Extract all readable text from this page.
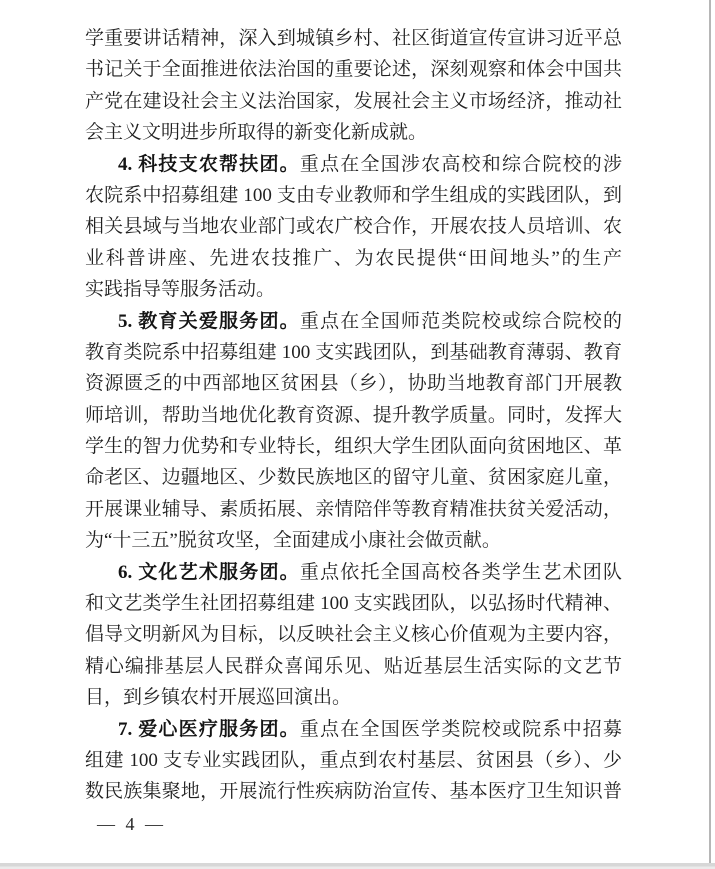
学重要讲话精神，深入到城镇乡村、社区街道宣传宣讲习近平总
书记关于全面推进依法治国的重要论述，深刻观察和体会中国共
产党在建设社会主义法治国家，发展社会主义市场经济，推动社
会主义文明进步所取得的新变化新成就。
4. 科技支农帮扶团。重点在全国涉农高校和综合院校的涉
农院系中招募组建 100 支由专业教师和学生组成的实践团队，到
相关县域与当地农业部门或农广校合作，开展农技人员培训、农
业科普讲座、先进农技推广、为农民提供“田间地头”的生产
实践指导等服务活动。
5. 教育关爱服务团。重点在全国师范类院校或综合院校的
教育类院系中招募组建 100 支实践团队，到基础教育薄弱、教育
资源匮乏的中西部地区贫困县（乡），协助当地教育部门开展教
师培训，帮助当地优化教育资源、提升教学质量。同时，发挥大
学生的智力优势和专业特长，组织大学生团队面向贫困地区、革
命老区、边疆地区、少数民族地区的留守儿童、贫困家庭儿童，
开展课业辅导、素质拓展、亲情陪伴等教育精准扶贫关爱活动，
为“十三五”脱贫攻坚，全面建成小康社会做贡献。
6. 文化艺术服务团。重点依托全国高校各类学生艺术团队
和文艺类学生社团招募组建 100 支实践团队，以弘扬时代精神、
倡导文明新风为目标，以反映社会主义核心价值观为主要内容，
精心编排基层人民群众喜闻乐见、贴近基层生活实际的文艺节
目，到乡镇农村开展巡回演出。
7. 爱心医疗服务团。重点在全国医学类院校或院系中招募
组建 100 支专业实践团队，重点到农村基层、贫困县（乡）、少
数民族集聚地，开展流行性疾病防治宣传、基本医疗卫生知识普
— 4 —
